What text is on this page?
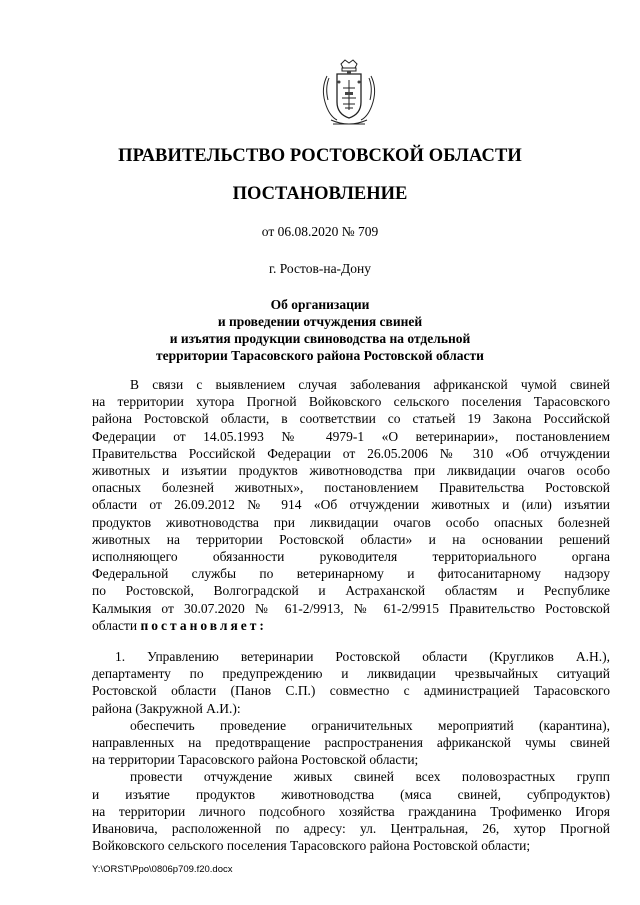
ПРАВИТЕЛЬСТВО РОСТОВСКОЙ ОБЛАСТИ
ПОСТАНОВЛЕНИЕ
от 06.08.2020 № 709
г. Ростов-на-Дону
Об организации
и проведении отчуждения свиней
и изъятия продукции свиноводства на отдельной
территории Тарасовского района Ростовской области
В связи с выявлением случая заболевания африканской чумой свиней
на территории хутора Прогной Войковского сельского поселения Тарасовского
района Ростовской области, в соответствии со статьей 19 Закона Российской
Федерации от 14.05.1993 № 4979-1 «О ветеринарии», постановлением
Правительства Российской Федерации от 26.05.2006 № 310 «Об отчуждении
животных и изъятии продуктов животноводства при ликвидации очагов особо
опасных болезней животных», постановлением Правительства Ростовской
области от 26.09.2012 № 914 «Об отчуждении животных и (или) изъятии
продуктов животноводства при ликвидации очагов особо опасных болезней
животных на территории Ростовской области» и на основании решений
исполняющего обязанности руководителя территориального органа
Федеральной службы по ветеринарному и фитосанитарному надзору
по Ростовской, Волгоградской и Астраханской областям и Республике
Калмыкия от 30.07.2020 № 61-2/9913, № 61-2/9915 Правительство Ростовской
области постановляет:
1. Управлению ветеринарии Ростовской области (Кругликов А.Н.),
департаменту по предупреждению и ликвидации чрезвычайных ситуаций
Ростовской области (Панов С.П.) совместно с администрацией Тарасовского
района (Закружной А.И.):
обеспечить проведение ограничительных мероприятий (карантина),
направленных на предотвращение распространения африканской чумы свиней
на территории Тарасовского района Ростовской области;
провести отчуждение живых свиней всех половозрастных групп
и изъятие продуктов животноводства (мяса свиней, субпродуктов)
на территории личного подсобного хозяйства гражданина Трофименко Игоря
Ивановича, расположенной по адресу: ул. Центральная, 26, хутор Прогной
Войковского сельского поселения Тарасовского района Ростовской области;
Y:\ORST\Ppo\0806p709.f20.docx
